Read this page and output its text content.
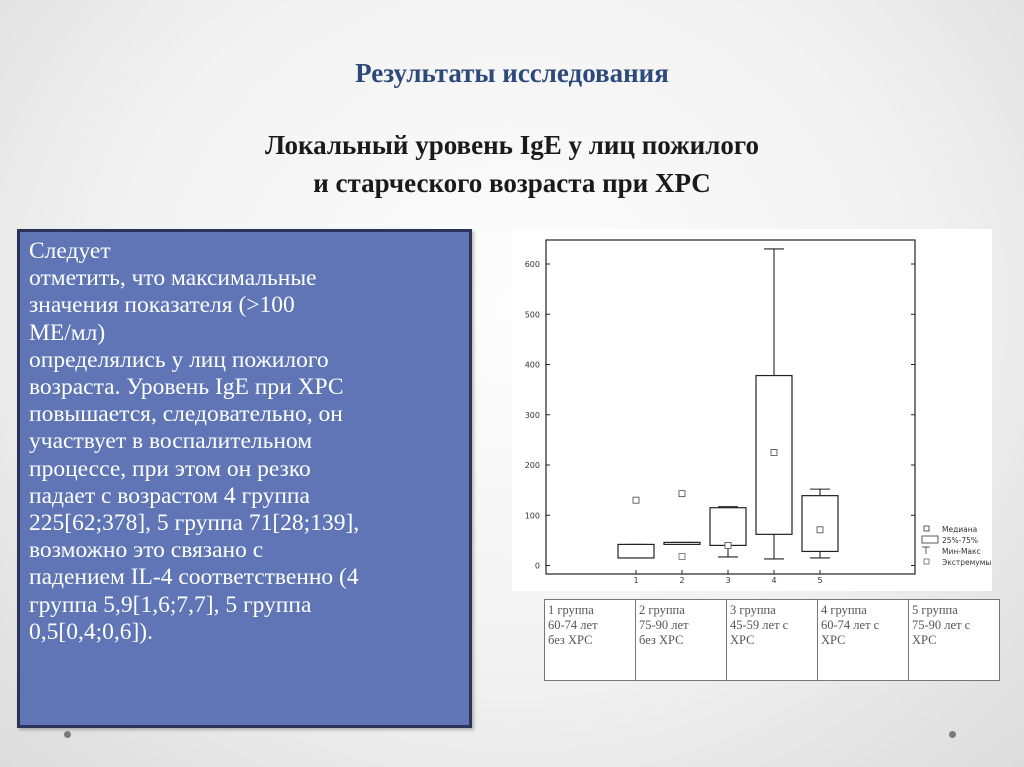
Результаты исследования
Локальный уровень IgE у лиц пожилого
и старческого возраста при ХРС
Следует
отметить, что максимальные
значения показателя (>100
МЕ/мл)
определялись у лиц пожилого
возраста. Уровень IgE при ХРС
повышается, следовательно, он
участвует в воспалительном
процессе, при этом он резко
падает с возрастом 4 группа
225[62;378], 5 группа 71[28;139],
возможно это связано с
падением IL-4 соответственно (4
группа 5,9[1,6;7,7], 5 группа
0,5[0,4;0,6]).
0
100
200
300
400
500
600
1	2	3	4	5
Медиана
25%-75%
Мин-Макс
Экстремумы
1 группа
60-74 лет
без ХРС

2 группа
75-90 лет
без ХРС

3 группа
45-59 лет с
ХРС

4 группа
60-74 лет с
ХРС

5 группа
75-90 лет с
ХРС
